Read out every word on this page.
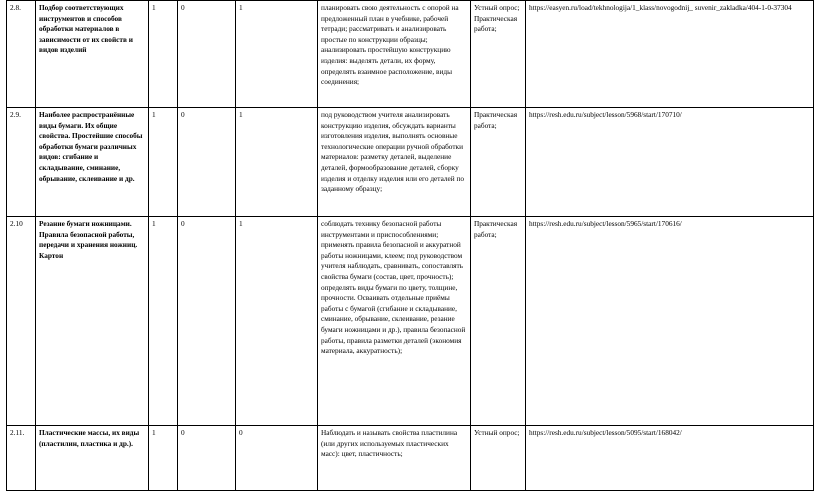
2.8.	Подбор соответствующих инструментов и способов обработки материалов в зависимости от их свойств и видов изделий	1	0	1	планировать свою деятельность с опорой на предложенный план в учебнике, рабочей тетради; рассматривать и анализировать простые по конструкции образцы; анализировать простейшую конструкцию изделия: выделять детали, их форму, определять взаимное расположение, виды соединения;	Устный опрос; Практическая работа;	https://easyen.ru/load/tekhnologija/1_klass/novogodnij_ suvenir_zakladka/404-1-0-37304
2.9.	Наиболее распространённые виды бумаги. Их общие свойства. Простейшие способы обработки бумаги различных видов: сгибание и складывание, сминание, обрывание, склеивание и др.	1	0	1	под руководством учителя анализировать конструкцию изделия, обсуждать варианты изготовления изделия, выполнять основные технологические операции ручной обработки материалов: разметку деталей, выделение деталей, формообразование деталей, сборку изделия и отделку изделия или его деталей по заданному образцу;	Практическая работа;	https://resh.edu.ru/subject/lesson/5968/start/170710/
2.10	Резание бумаги ножницами. Правила безопасной работы, передачи и хранения ножниц. Картон	1	0	1	соблюдать технику безопасной работы инструментами и приспособлениями; применять правила безопасной и аккуратной работы ножницами, клеем; под руководством учителя наблюдать, сравнивать, сопоставлять свойства бумаги (состав, цвет, прочность); определять виды бумаги по цвету, толщине, прочности. Осваивать отдельные приёмы работы с бумагой (сгибание и складывание, сминание, обрывание, склеивание, резание бумаги ножницами и др.), правила безопасной работы, правила разметки деталей (экономия материала, аккуратность);	Практическая работа;	https://resh.edu.ru/subject/lesson/5965/start/170616/
2.11.	Пластические массы, их виды (пластилин, пластика и др.).	1	0	0	Наблюдать и называть свойства пластилина (или других используемых пластических масс): цвет, пластичность;	Устный опрос;	https://resh.edu.ru/subject/lesson/5095/start/168042/
